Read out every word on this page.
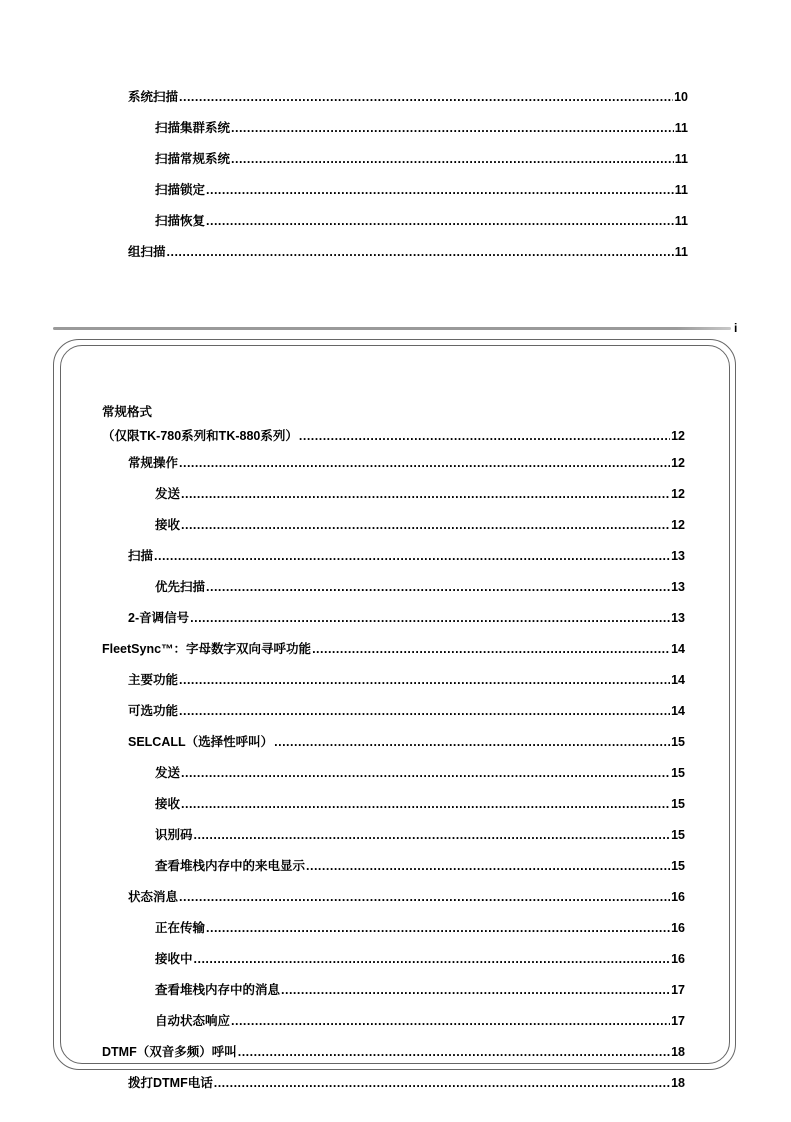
系统扫描 .....	10
扫描集群系统 .....	11
扫描常规系统 .....	11
扫描锁定 .....	11
扫描恢复 .....	11
组扫描 .....	11
i
常规格式
（仅限TK-780系列和TK-880系列） .....	12
常规操作 .....	12
发送 .....	12
接收 .....	12
扫描 .....	13
优先扫描 .....	13
2-音调信号 .....	13
FleetSync™：字母数字双向寻呼功能 .....	14
主要功能 .....	14
可选功能 .....	14
SELCALL（选择性呼叫） .....	15
发送 .....	15
接收 .....	15
识别码 .....	15
查看堆栈内存中的来电显示 .....	15
状态消息 .....	16
正在传输 .....	16
接收中 .....	16
查看堆栈内存中的消息 .....	17
自动状态响应 .....	17
DTMF（双音多频）呼叫 .....	18
拨打DTMF电话 .....	18
